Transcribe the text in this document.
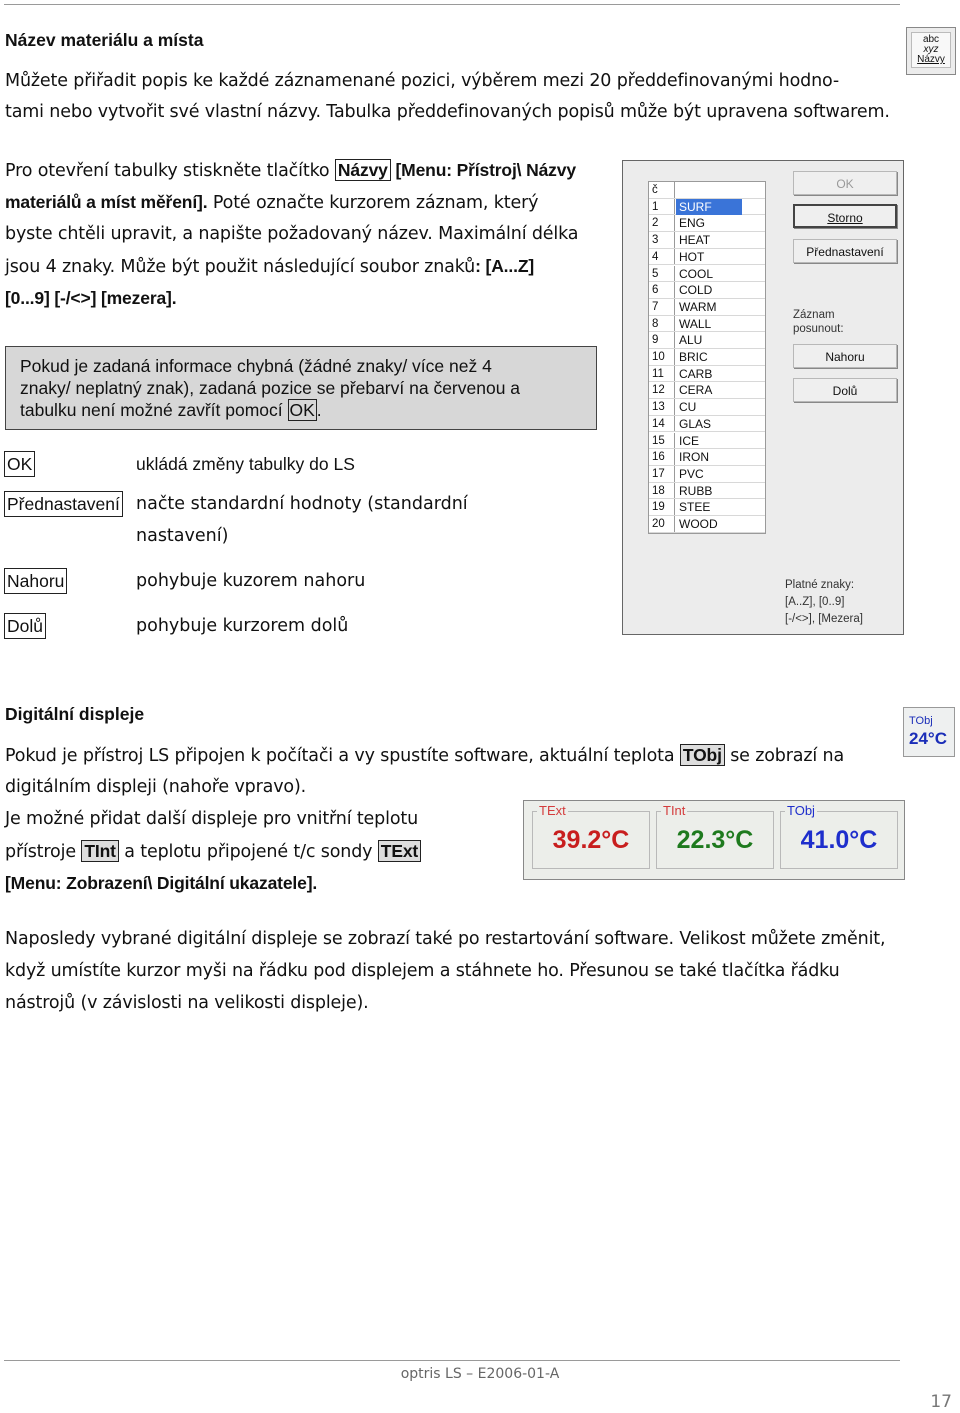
Název materiálu a místa
Můžete přiřadit popis ke každé záznamenané pozici, výběrem mezi 20 předdefinovanými hodno-
tami nebo vytvořit své vlastní názvy. Tabulka předdefinovaných popisů může být upravena softwarem.
abc
xyz
Názvy
Pro otevření tabulky stiskněte tlačítko Názvy [Menu: Přístroj\ Názvy
materiálů a míst měření]. Poté označte kurzorem záznam, který
byste chtěli upravit, a napište požadovaný název. Maximální délka
jsou 4 znaky. Může být použit následující soubor znaků: [A...Z]
[0...9] [-/<>] [mezera].
Pokud je zadaná informace chybná (žádné znaky/ více než 4
znaky/ neplatný znak), zadaná pozice se přebarví na červenou a
tabulku není možné zavřít pomocí OK .
OK	ukládá změny tabulky do LS
Přednastavení načte standardní hodnoty (standardní
nastavení)
Nahoru	pohybuje kuzorem nahoru
Dolů	pohybuje kurzorem dolů
č
1	SURF
2	ENG
3	HEAT
4	HOT
5	COOL
6	COLD
7	WARM
8	WALL
9	ALU
10	BRIC
11	CARB
12	CERA
13	CU
14	GLAS
15	ICE
16	IRON
17	PVC
18	RUBB
19	STEE
20	WOOD
OK
Storno
Přednastavení
Záznam
posunout:
Nahoru
Dolů
Platné znaky:
[A..Z], [0..9]
[-/<>], [Mezera]
Digitální displeje	TObj
24°C
Pokud je přístroj LS připojen k počítači a vy spustíte software, aktuální teplota TObj se zobrazí na
digitálním displeji (nahoře vpravo).
Je možné přidat další displeje pro vnitřní teplotu
přístroje TInt a teplotu připojené t/c sondy TExt
[Menu: Zobrazení\ Digitální ukazatele].
TExt
39.2°C
TInt
22.3°C
TObj
41.0°C
Naposledy vybrané digitální displeje se zobrazí také po restartování software. Velikost můžete změnit,
když umístíte kurzor myši na řádku pod displejem a stáhnete ho. Přesunou se také tlačítka řádku
nástrojů (v závislosti na velikosti displeje).
optris LS – E2006-01-A
17
